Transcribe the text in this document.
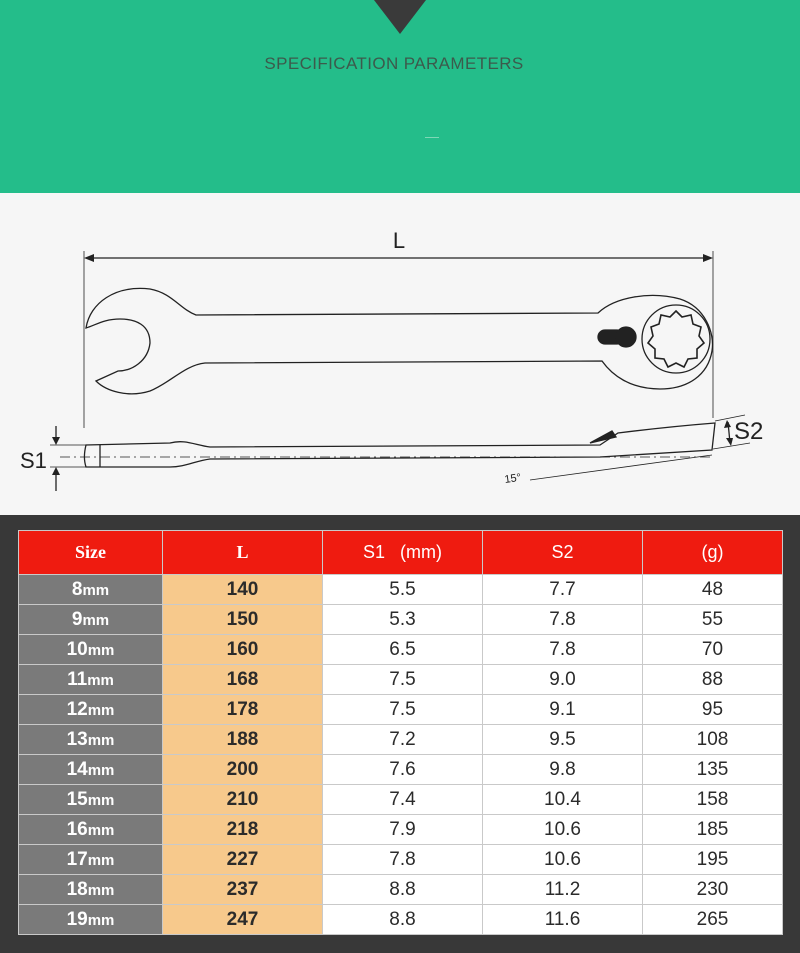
SPECIFICATION PARAMETERS
L
S1
S2
15°
Size	L	S1   (mm)	S2	(g)
8mm	140	5.5	7.7	48
9mm	150	5.3	7.8	55
10mm	160	6.5	7.8	70
11mm	168	7.5	9.0	88
12mm	178	7.5	9.1	95
13mm	188	7.2	9.5	108
14mm	200	7.6	9.8	135
15mm	210	7.4	10.4	158
16mm	218	7.9	10.6	185
17mm	227	7.8	10.6	195
18mm	237	8.8	11.2	230
19mm	247	8.8	11.6	265
